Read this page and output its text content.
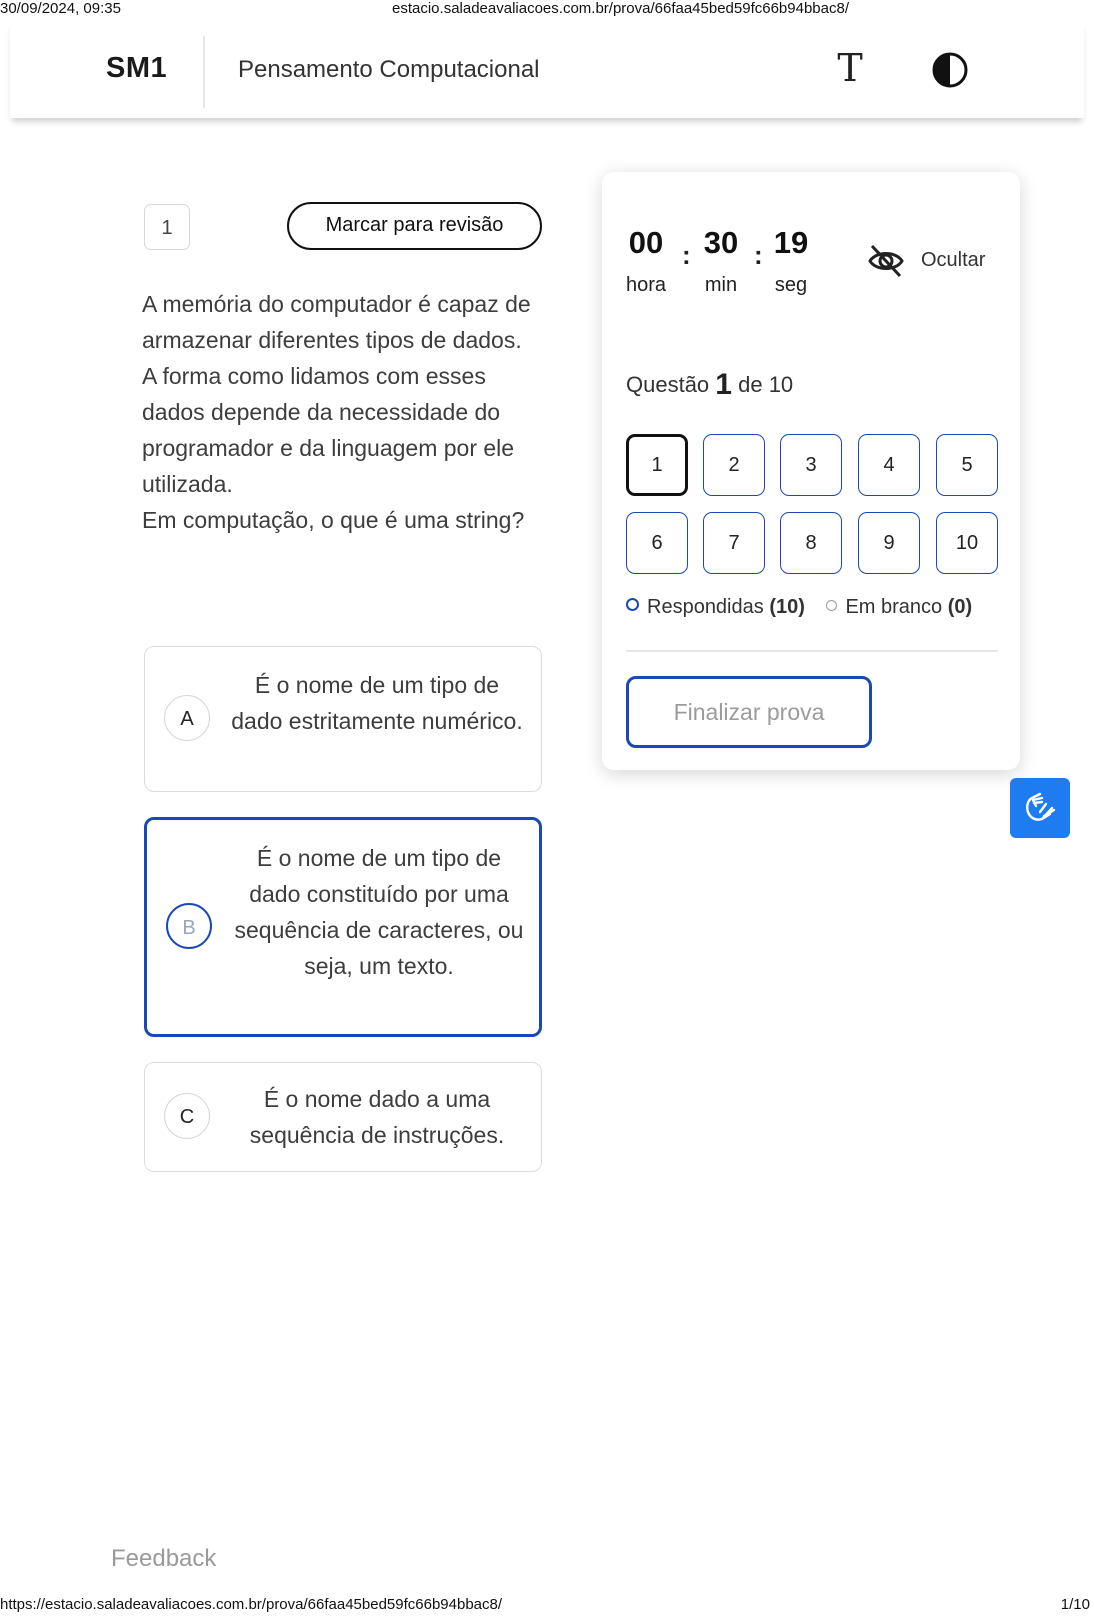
30/09/2024, 09:35	estacio.saladeavaliacoes.com.br/prova/66faa45bed59fc66b94bbac8/
SM1	Pensamento Computacional	T
1	Marcar para revisão

A memória do computador é capaz de armazenar diferentes tipos de dados. A forma como lidamos com esses dados depende da necessidade do programador e da linguagem por ele utilizada.

Em computação, o que é uma string?

A
É o nome de um tipo de dado estritamente numérico.
B
É o nome de um tipo de dado constituído por uma sequência de caracteres, ou seja, um texto.
C
É o nome dado a uma sequência de instruções.
00
hora
: 30
min
: 19
seg
Ocultar
Questão 1 de 10
1	2	3	4	5
6	7	8	9	10
Respondidas (10) Em branco (0)
Finalizar prova
Feedback
https://estacio.saladeavaliacoes.com.br/prova/66faa45bed59fc66b94bbac8/	1/10
